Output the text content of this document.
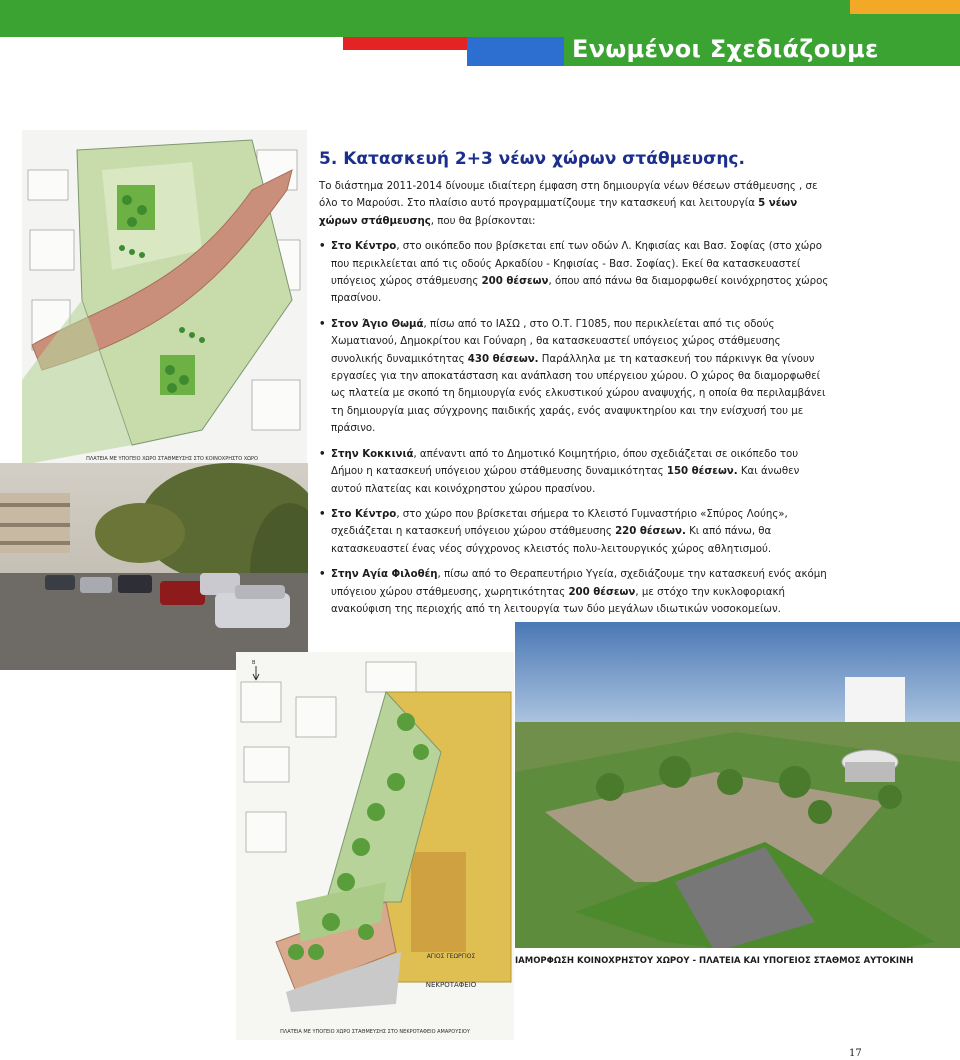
Ενωμένοι Σχεδιάζουμε
ΠΛΑΤΕΙΑ ΜΕ ΥΠΟΓΕΙΟ ΧΩΡΟ ΣΤΑΘΜΕΥΣΗΣ ΣΤΟ ΚΟΙΝΟΧΡΗΣΤΟ ΧΩΡΟ
5. Κατασκευή 2+3 νέων χώρων στάθμευσης.

Το διάστημα 2011-2014 δίνουμε ιδιαίτερη έμφαση στη δημιουργία νέων θέσεων στάθμευσης , σε όλο το Μαρούσι. Στο πλαίσιο αυτό προγραμματίζουμε την κατασκευή και λειτουργία 5 νέων χώρων στάθμευσης, που θα βρίσκονται:

• Στο Κέντρο, στο οικόπεδο που βρίσκεται επί των οδών Λ. Κηφισίας και Βασ. Σοφίας (στο χώρο που περικλείεται από τις οδούς Αρκαδίου - Κηφισίας - Βασ. Σοφίας). Εκεί θα κατασκευαστεί υπόγειος χώρος στάθμευσης 200 θέσεων, όπου από πάνω θα διαμορφωθεί κοινόχρηστος χώρος πρασίνου.
• Στον Άγιο Θωμά, πίσω από το ΙΑΣΩ , στο Ο.Τ. Γ1085, που περικλείεται από τις οδούς Χωματιανού, Δημοκρίτου και Γούναρη , θα κατασκευαστεί υπόγειος χώρος στάθμευσης συνολικής δυναμικότητας 430 θέσεων. Παράλληλα με τη κατασκευή του πάρκινγκ θα γίνουν εργασίες για την αποκατάσταση και ανάπλαση του υπέργειου χώρου. Ο χώρος θα διαμορφωθεί ως πλατεία με σκοπό τη δημιουργία ενός ελκυστικού χώρου αναψυχής, η οποία θα περιλαμβάνει τη δημιουργία μιας σύγχρονης παιδικής χαράς, ενός αναψυκτηρίου και την ενίσχυσή του με πράσινο.
• Στην Κοκκινιά, απέναντι από το Δημοτικό Κοιμητήριο, όπου σχεδιάζεται σε οικόπεδο του Δήμου η κατασκευή υπόγειου χώρου στάθμευσης δυναμικότητας 150 θέσεων. Και άνωθεν αυτού πλατείας και κοινόχρηστου χώρου πρασίνου.
• Στο Κέντρο, στο χώρο που βρίσκεται σήμερα το Κλειστό Γυμναστήριο «Σπύρος Λούης», σχεδιάζεται η κατασκευή υπόγειου χώρου στάθμευσης 220 θέσεων. Κι από πάνω, θα κατασκευαστεί ένας νέος σύγχρονος κλειστός πολυ-λειτουργικός χώρος αθλητισμού.
• Στην Αγία Φιλοθέη, πίσω από το Θεραπευτήριο Υγεία, σχεδιάζουμε την κατασκευή ενός ακόμη υπόγειου χώρου στάθμευσης, χωρητικότητας 200 θέσεων, με στόχο την κυκλοφοριακή ανακούφιση της περιοχής από τη λειτουργία των δύο μεγάλων ιδιωτικών νοσοκομείων.
Β
ΑΓΙΟΣ ΓΕΩΡΓΙΟΣ
ΝΕΚΡΟΤΑΦΕΙΟ
ΠΛΑΤΕΙΑ ΜΕ ΥΠΟΓΕΙΟ ΧΩΡΟ ΣΤΑΘΜΕΥΣΗΣ ΣΤΟ ΝΕΚΡΟΤΑΦΕΙΟ ΑΜΑΡΟΥΣΙΟΥ
ΙΑΜΟΡΦΩΣΗ ΚΟΙΝΟΧΡΗΣΤΟΥ ΧΩΡΟΥ - ΠΛΑΤΕΙΑ ΚΑΙ ΥΠΟΓΕΙΟΣ ΣΤΑΘΜΟΣ ΑΥΤΟΚΙΝΗ
17
